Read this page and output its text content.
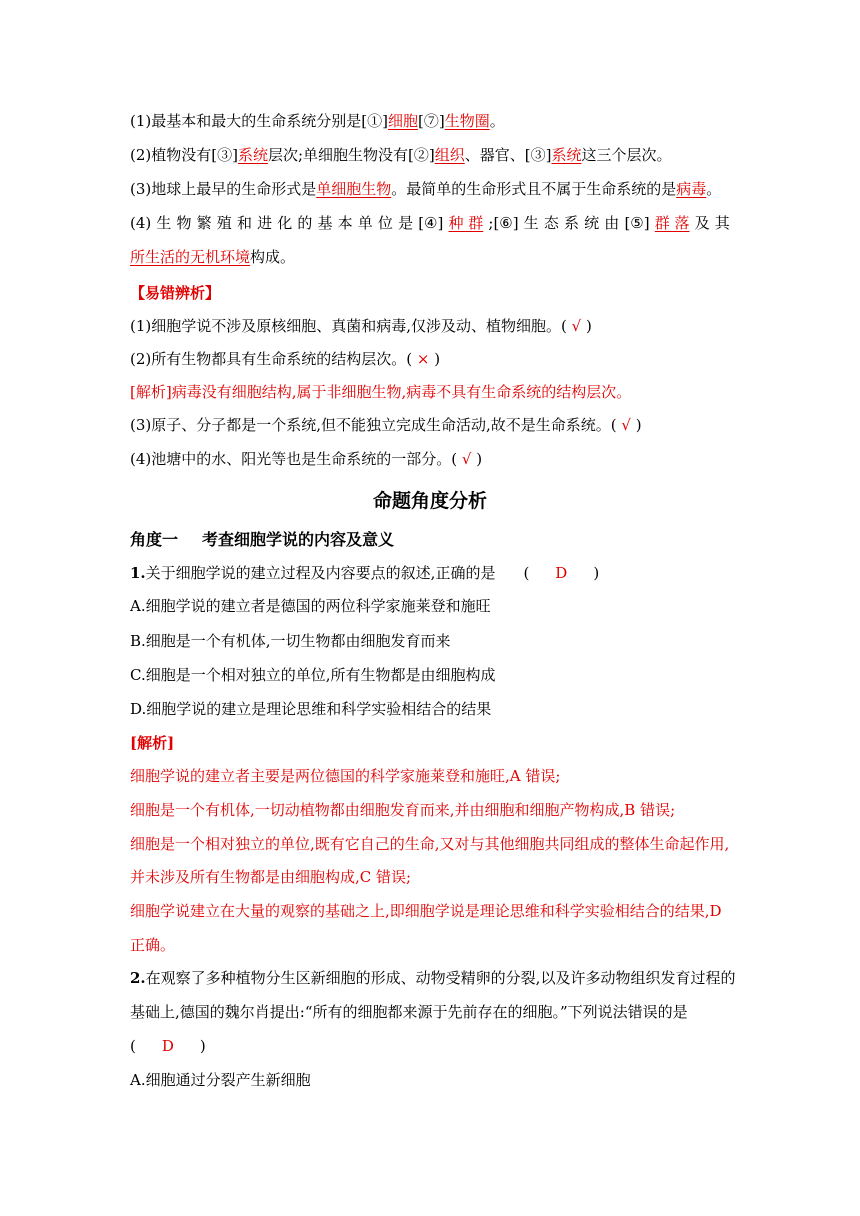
(1)最基本和最大的生命系统分别是[①]细胞[⑦]生物圈。
(2)植物没有[③]系统层次;单细胞生物没有[②]组织、器官、[③]系统这三个层次。
(3)地球上最早的生命形式是单细胞生物。最简单的生命形式且不属于生命系统的是病毒。
(4) 生 物 繁 殖 和 进 化 的 基 本 单 位 是 [④] 种 群 ;[⑥] 生 态 系 统 由 [⑤] 群 落 及 其
所生活的无机环境构成。
【易错辨析】
(1)细胞学说不涉及原核细胞、真菌和病毒,仅涉及动、植物细胞。( √ )
(2)所有生物都具有生命系统的结构层次。( × )
[解析]病毒没有细胞结构,属于非细胞生物,病毒不具有生命系统的结构层次。
(3)原子、分子都是一个系统,但不能独立完成生命活动,故不是生命系统。( √ )
(4)池塘中的水、阳光等也是生命系统的一部分。( √ )
命题角度分析
角度一 考查细胞学说的内容及意义
1.关于细胞学说的建立过程及内容要点的叙述,正确的是 ( D )
A.细胞学说的建立者是德国的两位科学家施莱登和施旺
B.细胞是一个有机体,一切生物都由细胞发育而来
C.细胞是一个相对独立的单位,所有生物都是由细胞构成
D.细胞学说的建立是理论思维和科学实验相结合的结果
[解析]
细胞学说的建立者主要是两位德国的科学家施莱登和施旺,A 错误;
细胞是一个有机体,一切动植物都由细胞发育而来,并由细胞和细胞产物构成,B 错误;
细胞是一个相对独立的单位,既有它自己的生命,又对与其他细胞共同组成的整体生命起作用,
并未涉及所有生物都是由细胞构成,C 错误;
细胞学说建立在大量的观察的基础之上,即细胞学说是理论思维和科学实验相结合的结果,D
正确。
2.在观察了多种植物分生区新细胞的形成、动物受精卵的分裂,以及许多动物组织发育过程的
基础上,德国的魏尔肖提出:“所有的细胞都来源于先前存在的细胞。”下列说法错误的是
( D )
A.细胞通过分裂产生新细胞
